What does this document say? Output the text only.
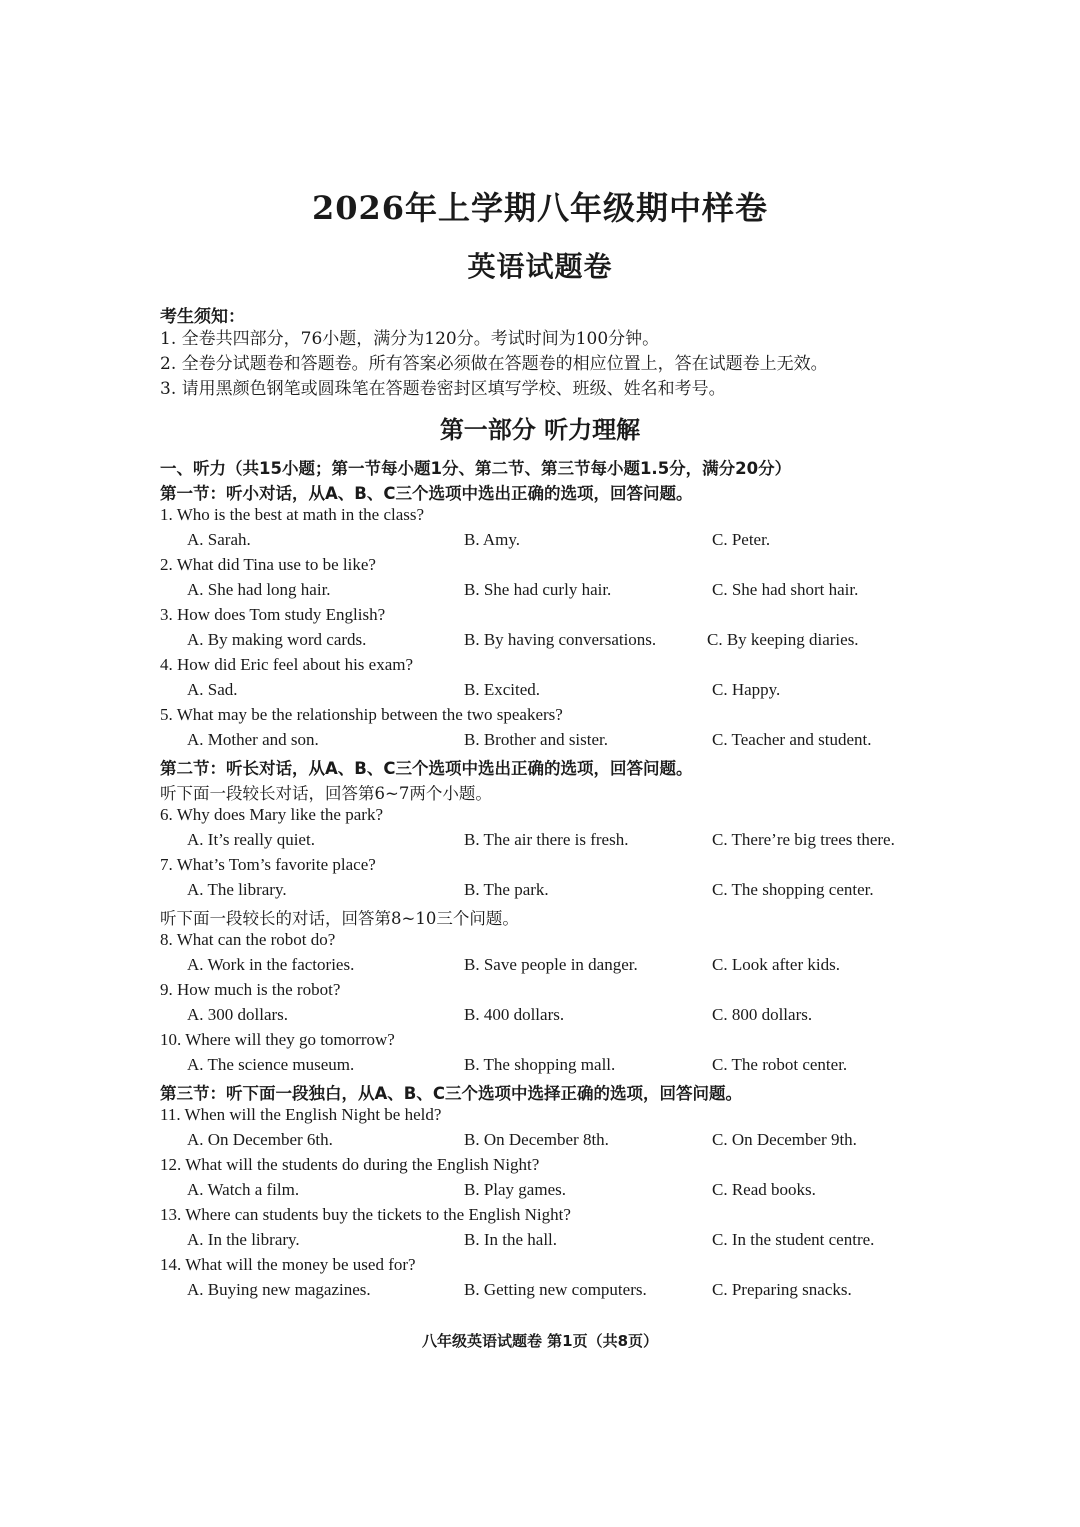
2026年上学期八年级期中样卷
英语试题卷
考生须知：
1. 全卷共四部分，76小题，满分为120分。考试时间为100分钟。
2. 全卷分试题卷和答题卷。所有答案必须做在答题卷的相应位置上，答在试题卷上无效。
3. 请用黑颜色钢笔或圆珠笔在答题卷密封区填写学校、班级、姓名和考号。
第一部分 听力理解
一、听力（共15小题；第一节每小题1分、第二节、第三节每小题1.5分，满分20分）
第一节：听小对话，从A、B、C三个选项中选出正确的选项，回答问题。
1. Who is the best at math in the class?
A. Sarah.	B. Amy.	C. Peter.
2. What did Tina use to be like?
A. She had long hair.	B. She had curly hair.	C. She had short hair.
3. How does Tom study English?
A. By making word cards.	B. By having conversations.	C. By keeping diaries.
4. How did Eric feel about his exam?
A. Sad.	B. Excited.	C. Happy.
5. What may be the relationship between the two speakers?
A. Mother and son.	B. Brother and sister.	C. Teacher and student.
第二节：听长对话，从A、B、C三个选项中选出正确的选项，回答问题。
听下面一段较长对话，回答第6~7两个小题。
6. Why does Mary like the park?
A. It’s really quiet.	B. The air there is fresh.	C. There’re big trees there.
7. What’s Tom’s favorite place?
A. The library.	B. The park.	C. The shopping center.
听下面一段较长的对话，回答第8~10三个问题。
8. What can the robot do?
A. Work in the factories.	B. Save people in danger.	C. Look after kids.
9. How much is the robot?
A. 300 dollars.	B. 400 dollars.	C. 800 dollars.
10. Where will they go tomorrow?
A. The science museum.	B. The shopping mall.	C. The robot center.
第三节：听下面一段独白，从A、B、C三个选项中选择正确的选项，回答问题。
11. When will the English Night be held?
A. On December 6th.	B. On December 8th.	C. On December 9th.
12. What will the students do during the English Night?
A. Watch a film.	B. Play games.	C. Read books.
13. Where can students buy the tickets to the English Night?
A. In the library.	B. In the hall.	C. In the student centre.
14. What will the money be used for?
A. Buying new magazines.	B. Getting new computers.	C. Preparing snacks.
八年级英语试题卷 第1页（共8页）
